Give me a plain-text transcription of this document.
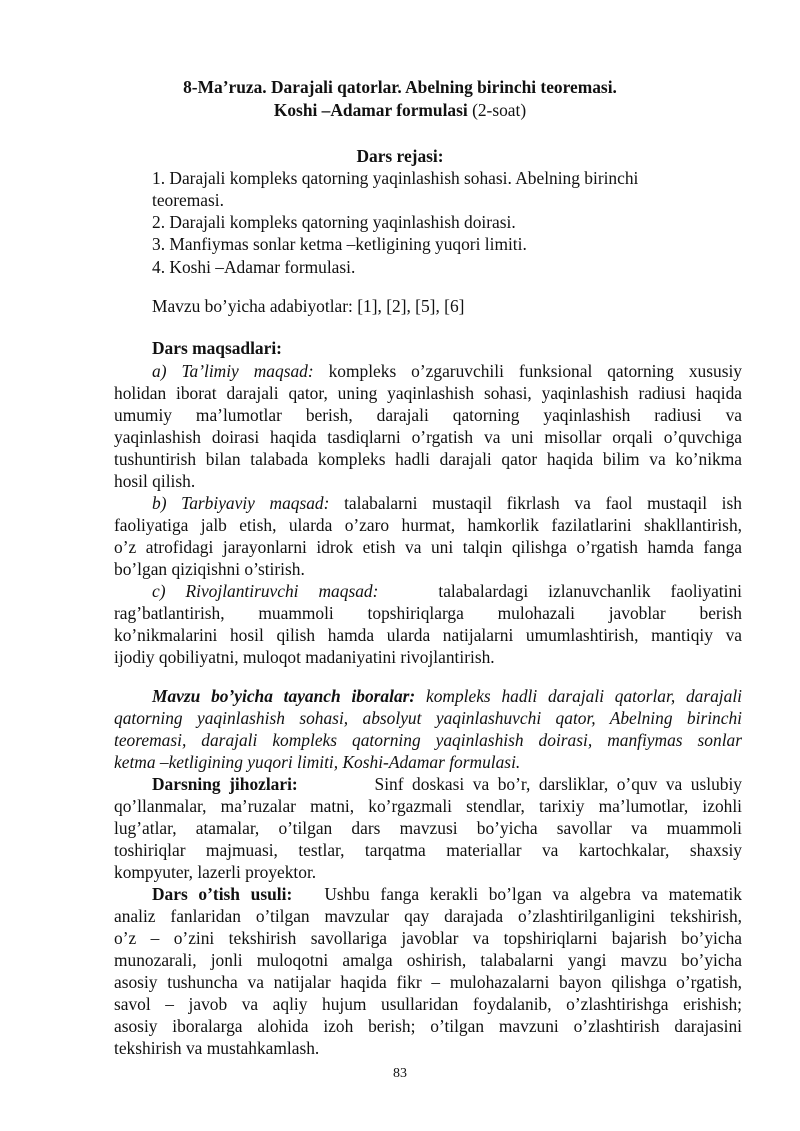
8-Ma’ruza. Darajali qatorlar. Abelning birinchi teoremasi.
Koshi –Adamar formulasi (2-soat)
Dars rejasi:
1. Darajali kompleks qatorning yaqinlashish sohasi. Abelning birinchi
teoremasi.
2. Darajali kompleks qatorning yaqinlashish doirasi.
3. Manfiymas sonlar ketma –ketligining yuqori limiti.
4. Koshi –Adamar formulasi.
Mavzu bo’yicha adabiyotlar: [1], [2], [5], [6]
Dars maqsadlari:
a) Ta’limiy maqsad: kompleks o’zgaruvchili funksional qatorning xususiy
holidan iborat darajali qator, uning yaqinlashish sohasi, yaqinlashish radiusi haqida
umumiy ma’lumotlar berish, darajali qatorning yaqinlashish radiusi va
yaqinlashish doirasi haqida tasdiqlarni o’rgatish va uni misollar orqali o’quvchiga
tushuntirish bilan talabada kompleks hadli darajali qator haqida bilim va ko’nikma
hosil qilish.
b) Tarbiyaviy maqsad: talabalarni mustaqil fikrlash va faol mustaqil ish
faoliyatiga jalb etish, ularda o’zaro hurmat, hamkorlik fazilatlarini shakllantirish,
o’z atrofidagi jarayonlarni idrok etish va uni talqin qilishga o’rgatish hamda fanga
bo’lgan qiziqishni o’stirish.
c) Rivojlantiruvchi maqsad:	talabalardagi izlanuvchanlik faoliyatini
rag’batlantirish, muammoli topshiriqlarga mulohazali javoblar berish
ko’nikmalarini hosil qilish hamda ularda natijalarni umumlashtirish, mantiqiy va
ijodiy qobiliyatni, muloqot madaniyatini rivojlantirish.
Mavzu bo’yicha tayanch iboralar: kompleks hadli darajali qatorlar, darajali
qatorning yaqinlashish sohasi, absolyut yaqinlashuvchi qator, Abelning birinchi
teoremasi, darajali kompleks qatorning yaqinlashish doirasi, manfiymas sonlar
ketma –ketligining yuqori limiti, Koshi-Adamar formulasi.
Darsning jihozlari:	Sinf doskasi va bo’r, darsliklar, o’quv va uslubiy
qo’llanmalar, ma’ruzalar matni, ko’rgazmali stendlar, tarixiy ma’lumotlar, izohli
lug’atlar, atamalar, o’tilgan dars mavzusi bo’yicha savollar va muammoli
toshiriqlar majmuasi, testlar, tarqatma materiallar va kartochkalar, shaxsiy
kompyuter, lazerli proyektor.
Dars o’tish usuli: Ushbu fanga kerakli bo’lgan va algebra va matematik
analiz fanlaridan o’tilgan mavzular qay darajada o’zlashtirilganligini tekshirish,
o’z – o’zini tekshirish savollariga javoblar va topshiriqlarni bajarish bo’yicha
munozarali, jonli muloqotni amalga oshirish, talabalarni yangi mavzu bo’yicha
asosiy tushuncha va natijalar haqida fikr – mulohazalarni bayon qilishga o’rgatish,
savol – javob va aqliy hujum usullaridan foydalanib, o’zlashtirishga erishish;
asosiy iboralarga alohida izoh berish; o’tilgan mavzuni o’zlashtirish darajasini
tekshirish va mustahkamlash.
83
